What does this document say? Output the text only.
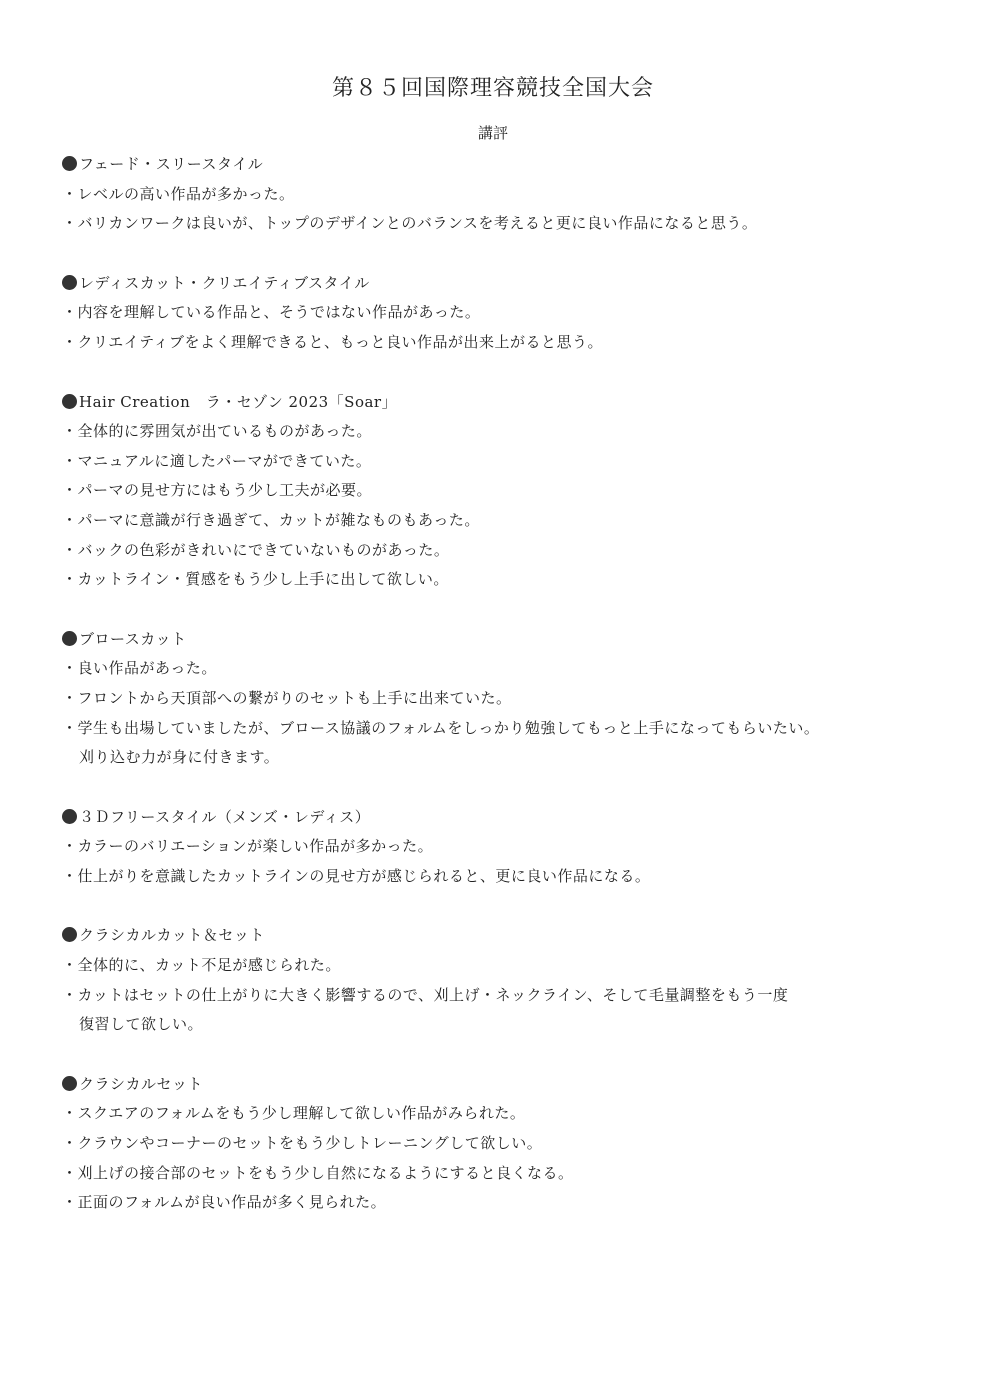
第８５回国際理容競技全国大会
講評
フェード・スリースタイル
・レベルの高い作品が多かった。
・バリカンワークは良いが、トップのデザインとのバランスを考えると更に良い作品になると思う。
レディスカット・クリエイティブスタイル
・内容を理解している作品と、そうではない作品があった。
・クリエイティブをよく理解できると、もっと良い作品が出来上がると思う。
Hair Creation　ラ・セゾン 2023「Soar」
・全体的に雰囲気が出ているものがあった。
・マニュアルに適したパーマができていた。
・パーマの見せ方にはもう少し工夫が必要。
・パーマに意識が行き過ぎて、カットが雑なものもあった。
・バックの色彩がきれいにできていないものがあった。
・カットライン・質感をもう少し上手に出して欲しい。
ブロースカット
・良い作品があった。
・フロントから天頂部への繋がりのセットも上手に出来ていた。
・学生も出場していましたが、ブロース協議のフォルムをしっかり勉強してもっと上手になってもらいたい。
刈り込む力が身に付きます。
３Ｄフリースタイル（メンズ・レディス）
・カラーのバリエーションが楽しい作品が多かった。
・仕上がりを意識したカットラインの見せ方が感じられると、更に良い作品になる。
クラシカルカット＆セット
・全体的に、カット不足が感じられた。
・カットはセットの仕上がりに大きく影響するので、刈上げ・ネックライン、そして毛量調整をもう一度
復習して欲しい。
クラシカルセット
・スクエアのフォルムをもう少し理解して欲しい作品がみられた。
・クラウンやコーナーのセットをもう少しトレーニングして欲しい。
・刈上げの接合部のセットをもう少し自然になるようにすると良くなる。
・正面のフォルムが良い作品が多く見られた。
